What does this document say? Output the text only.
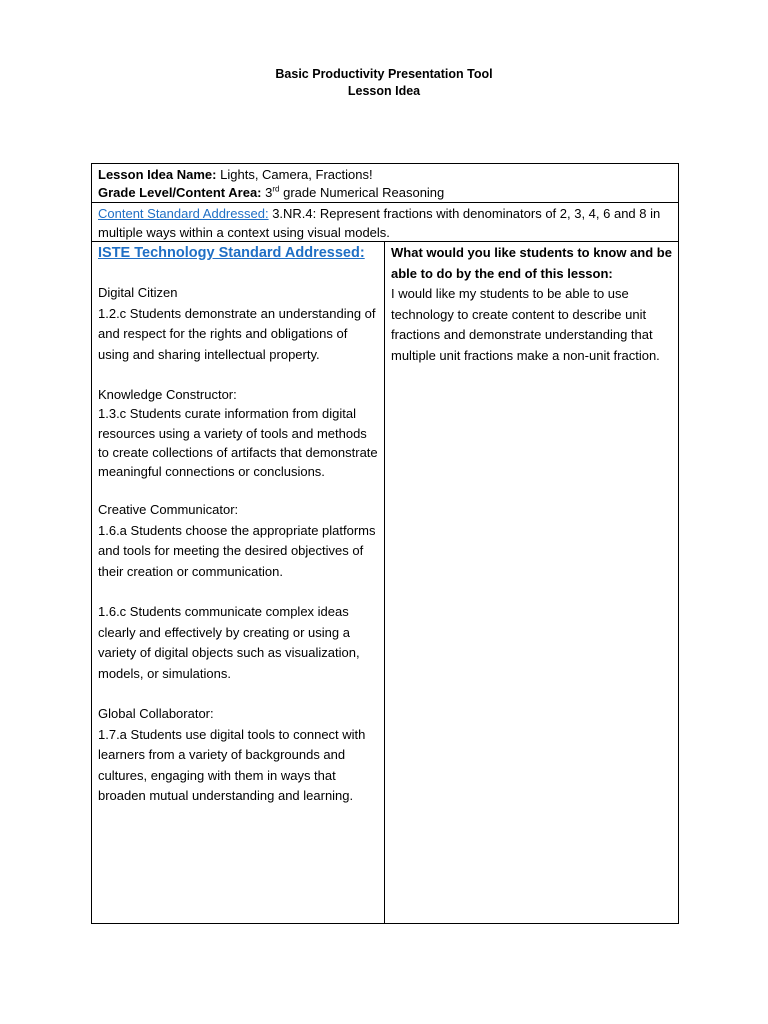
Basic Productivity Presentation Tool
Lesson Idea
Lesson Idea Name: Lights, Camera, Fractions!
Grade Level/Content Area: 3rd grade Numerical Reasoning
Content Standard Addressed: 3.NR.4: Represent fractions with denominators of 2, 3, 4, 6 and 8 in multiple ways within a context using visual models.
ISTE Technology Standard Addressed:

Digital Citizen

1.2.c Students demonstrate an understanding of and respect for the rights and obligations of using and sharing intellectual property.

Knowledge Constructor:

1.3.c Students curate information from digital resources using a variety of tools and methods to create collections of artifacts that demonstrate meaningful connections or conclusions.

Creative Communicator:

1.6.a Students choose the appropriate platforms and tools for meeting the desired objectives of their creation or communication.

1.6.c Students communicate complex ideas clearly and effectively by creating or using a variety of digital objects such as visualization, models, or simulations.

Global Collaborator:

1.7.a Students use digital tools to connect with learners from a variety of backgrounds and cultures, engaging with them in ways that broaden mutual understanding and learning.

What would you like students to know and be able to do by the end of this lesson:

I would like my students to be able to use technology to create content to describe unit fractions and demonstrate understanding that multiple unit fractions make a non-unit fraction.
